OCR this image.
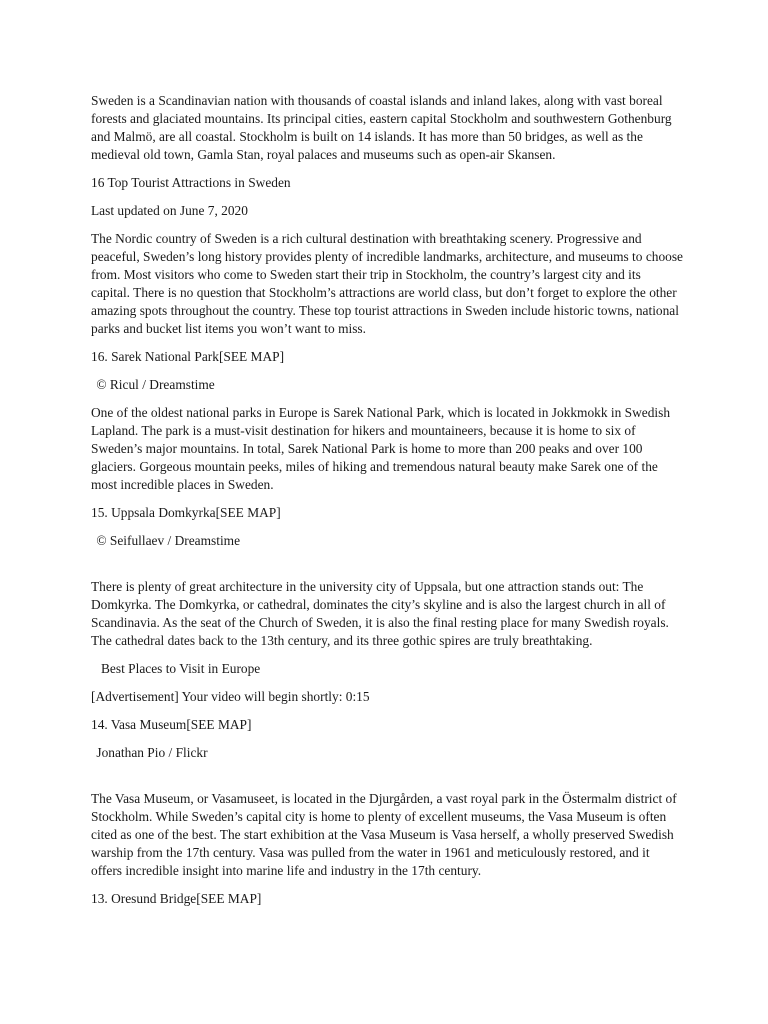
Sweden is a Scandinavian nation with thousands of coastal islands and inland lakes, along with vast boreal forests and glaciated mountains. Its principal cities, eastern capital Stockholm and southwestern Gothenburg and Malmö, are all coastal. Stockholm is built on 14 islands. It has more than 50 bridges, as well as the medieval old town, Gamla Stan, royal palaces and museums such as open-air Skansen.

16 Top Tourist Attractions in Sweden

Last updated on June 7, 2020

The Nordic country of Sweden is a rich cultural destination with breathtaking scenery. Progressive and peaceful, Sweden’s long history provides plenty of incredible landmarks, architecture, and museums to choose from. Most visitors who come to Sweden start their trip in Stockholm, the country’s largest city and its capital. There is no question that Stockholm’s attractions are world class, but don’t forget to explore the other amazing spots throughout the country. These top tourist attractions in Sweden include historic towns, national parks and bucket list items you won’t want to miss.

16. Sarek National Park[SEE MAP]

© Ricul / Dreamstime

One of the oldest national parks in Europe is Sarek National Park, which is located in Jokkmokk in Swedish Lapland. The park is a must-visit destination for hikers and mountaineers, because it is home to six of Sweden’s major mountains. In total, Sarek National Park is home to more than 200 peaks and over 100 glaciers. Gorgeous mountain peeks, miles of hiking and tremendous natural beauty make Sarek one of the most incredible places in Sweden.

15. Uppsala Domkyrka[SEE MAP]

© Seifullaev / Dreamstime

There is plenty of great architecture in the university city of Uppsala, but one attraction stands out: The Domkyrka. The Domkyrka, or cathedral, dominates the city’s skyline and is also the largest church in all of Scandinavia. As the seat of the Church of Sweden, it is also the final resting place for many Swedish royals. The cathedral dates back to the 13th century, and its three gothic spires are truly breathtaking.

Best Places to Visit in Europe

[Advertisement] Your video will begin shortly: 0:15

14. Vasa Museum[SEE MAP]

Jonathan Pio / Flickr

The Vasa Museum, or Vasamuseet, is located in the Djurgården, a vast royal park in the Östermalm district of Stockholm. While Sweden’s capital city is home to plenty of excellent museums, the Vasa Museum is often cited as one of the best. The start exhibition at the Vasa Museum is Vasa herself, a wholly preserved Swedish warship from the 17th century. Vasa was pulled from the water in 1961 and meticulously restored, and it offers incredible insight into marine life and industry in the 17th century.

13. Oresund Bridge[SEE MAP]
